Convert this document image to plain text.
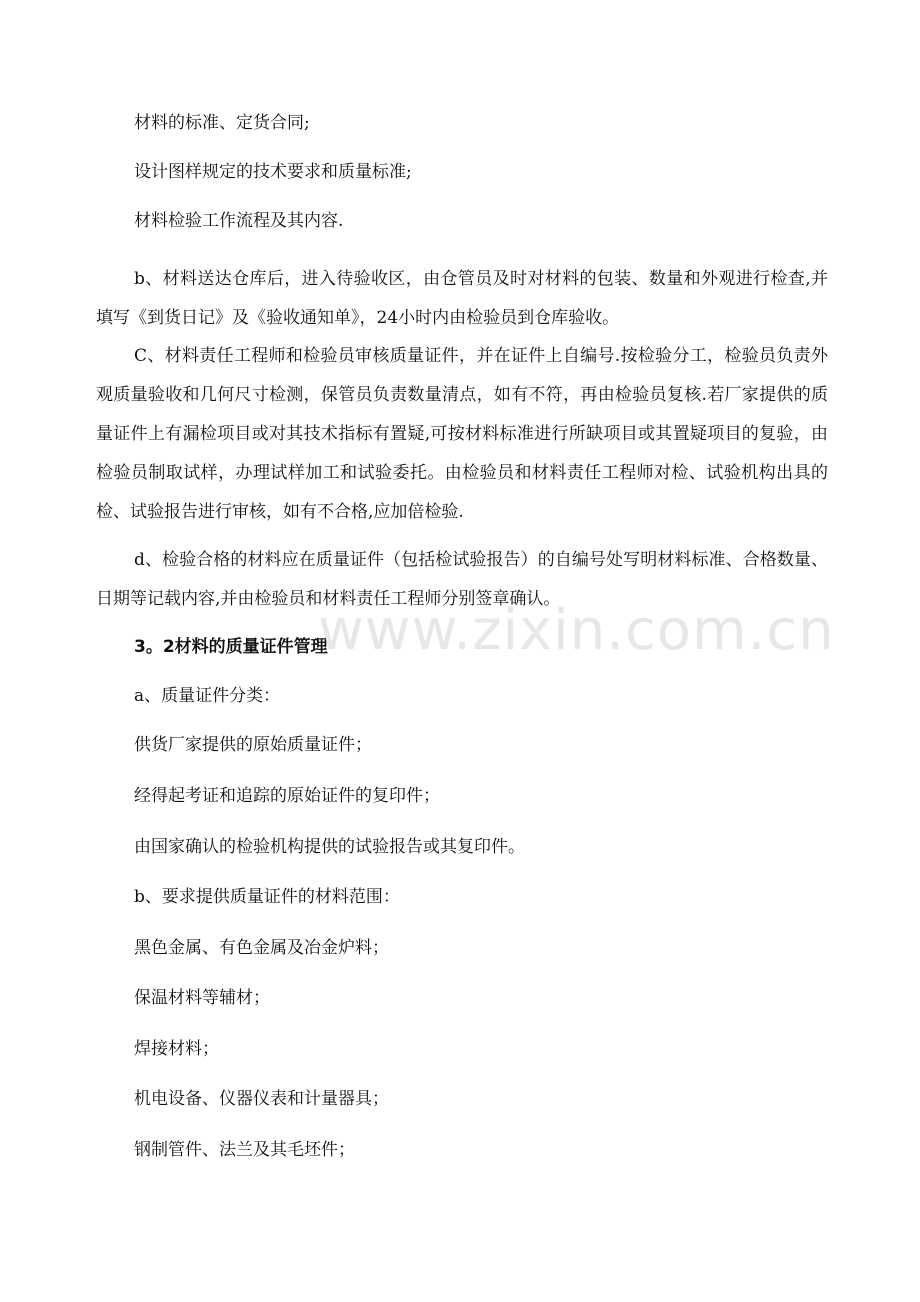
材料的标准、定货合同;

设计图样规定的技术要求和质量标准;

材料检验工作流程及其内容.

b、材料送达仓库后，进入待验收区，由仓管员及时对材料的包装、数量和外观进行检查,并填写《到货日记》及《验收通知单》，24小时内由检验员到仓库验收。

C、材料责任工程师和检验员审核质量证件，并在证件上自编号.按检验分工，检验员负责外观质量验收和几何尺寸检测，保管员负责数量清点，如有不符，再由检验员复核.若厂家提供的质量证件上有漏检项目或对其技术指标有置疑,可按材料标准进行所缺项目或其置疑项目的复验，由检验员制取试样，办理试样加工和试验委托。由检验员和材料责任工程师对检、试验机构出具的检、试验报告进行审核，如有不合格,应加倍检验.

d、检验合格的材料应在质量证件（包括检试验报告）的自编号处写明材料标准、合格数量、日期等记载内容,并由检验员和材料责任工程师分别签章确认。

3。2材料的质量证件管理

a、质量证件分类：

供货厂家提供的原始质量证件；

经得起考证和追踪的原始证件的复印件；

由国家确认的检验机构提供的试验报告或其复印件。

b、要求提供质量证件的材料范围：

黑色金属、有色金属及冶金炉料；

保温材料等辅材；

焊接材料；

机电设备、仪器仪表和计量器具；

钢制管件、法兰及其毛坯件；

www.zixin.com.cn
